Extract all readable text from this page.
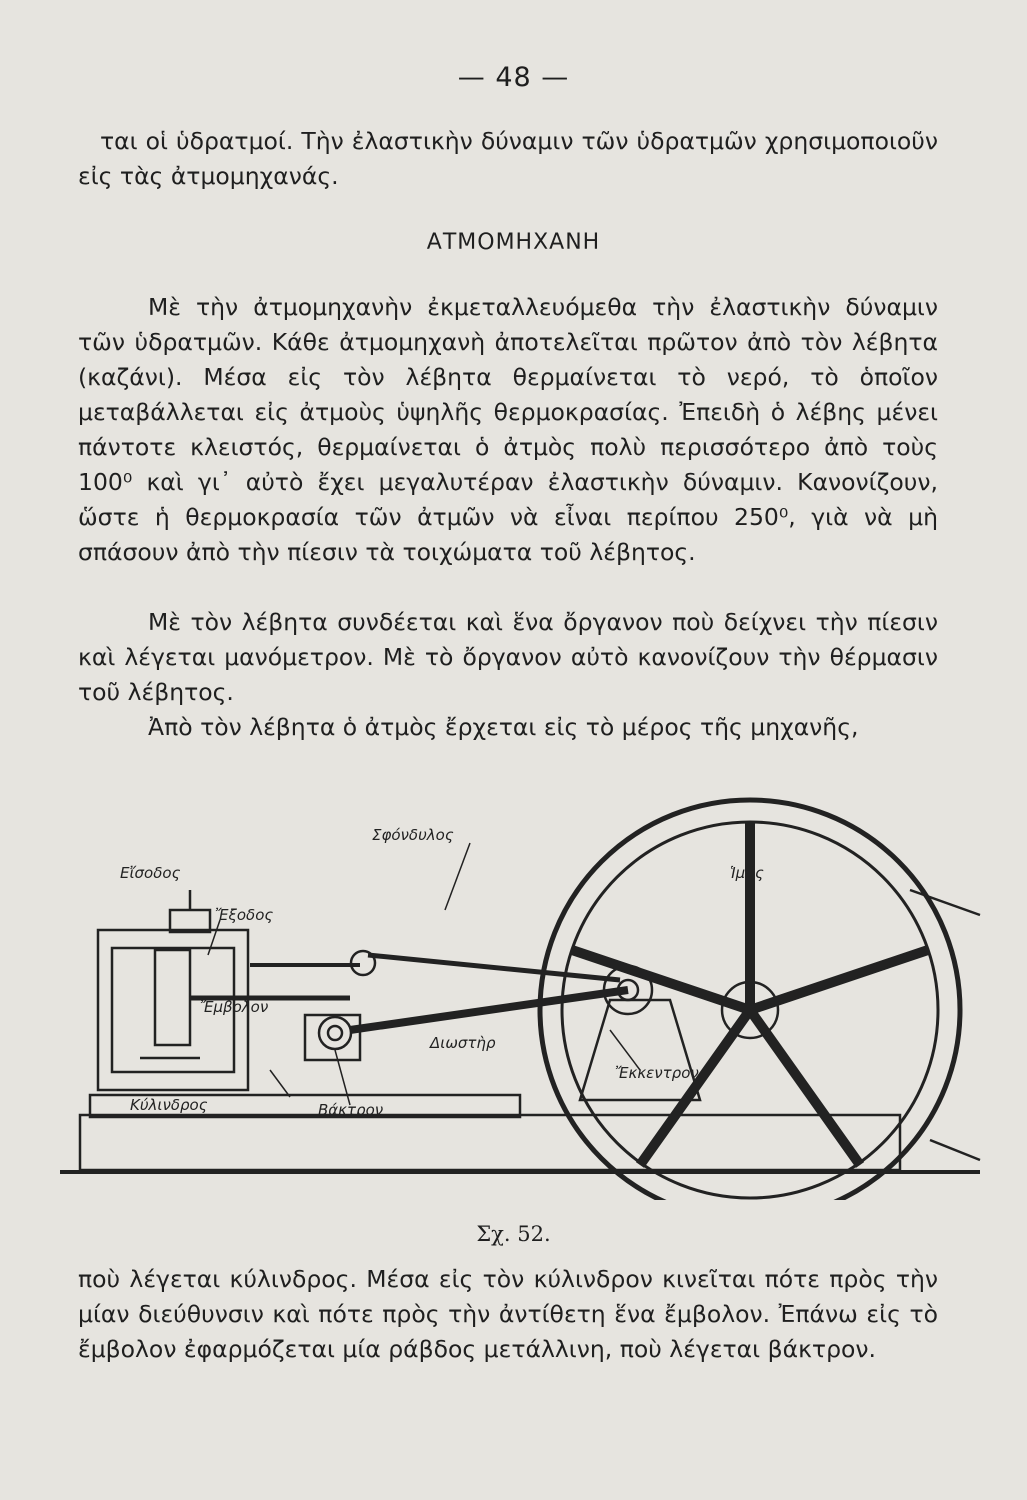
— 48 —

ται οἱ ὑδρατμοί. Τὴν ἐλαστικὴν δύναμιν τῶν ὑδρατμῶν χρησιμοποιοῦν εἰς τὰς ἀτμομηχανάς.

ΑΤΜΟΜΗΧΑΝΗ

Μὲ τὴν ἀτμομηχανὴν ἐκμεταλλευόμεθα τὴν ἐλαστικὴν δύναμιν τῶν ὑδρατμῶν. Κάθε ἀτμομηχανὴ ἀποτελεῖται πρῶτον ἀπὸ τὸν λέβητα (καζάνι). Μέσα εἰς τὸν λέβητα θερμαίνεται τὸ νερό, τὸ ὁποῖον μεταβάλλεται εἰς ἀτμοὺς ὑψηλῆς θερμοκρασίας. Ἐπειδὴ ὁ λέβης μένει πάντοτε κλειστός, θερμαίνεται ὁ ἀτμὸς πολὺ περισσότερο ἀπὸ τοὺς 100⁰ καὶ γι᾽ αὐτὸ ἔχει μεγαλυτέραν ἐλαστικὴν δύναμιν. Κανονίζουν, ὥστε ἡ θερμοκρασία τῶν ἀτμῶν νὰ εἶναι περίπου 250⁰, γιὰ νὰ μὴ σπάσουν ἀπὸ τὴν πίεσιν τὰ τοιχώματα τοῦ λέβητος.

Μὲ τὸν λέβητα συνδέεται καὶ ἕνα ὄργανον ποὺ δείχνει τὴν πίεσιν καὶ λέγεται μανόμετρον. Μὲ τὸ ὄργανον αὐτὸ κανονίζουν τὴν θέρμασιν τοῦ λέβητος.

Ἀπὸ τὸν λέβητα ὁ ἀτμὸς ἔρχεται εἰς τὸ μέρος τῆς μηχανῆς,

Εἴσοδος
Ἔξοδος
Ἔμβολον
Κύλινδρος	Βάκτρον
Διωστὴρ
Σφόνδυλος
Ἱμάς
Ἔκκεντρον
Σχ. 52.

ποὺ λέγεται κύλινδρος. Μέσα εἰς τὸν κύλινδρον κινεῖται πότε πρὸς τὴν μίαν διεύθυνσιν καὶ πότε πρὸς τὴν ἀντίθετη ἕνα ἔμβολον. Ἐπάνω εἰς τὸ ἔμβολον ἐφαρμόζεται μία ράβδος μετάλλινη, ποὺ λέγεται βάκτρον.
